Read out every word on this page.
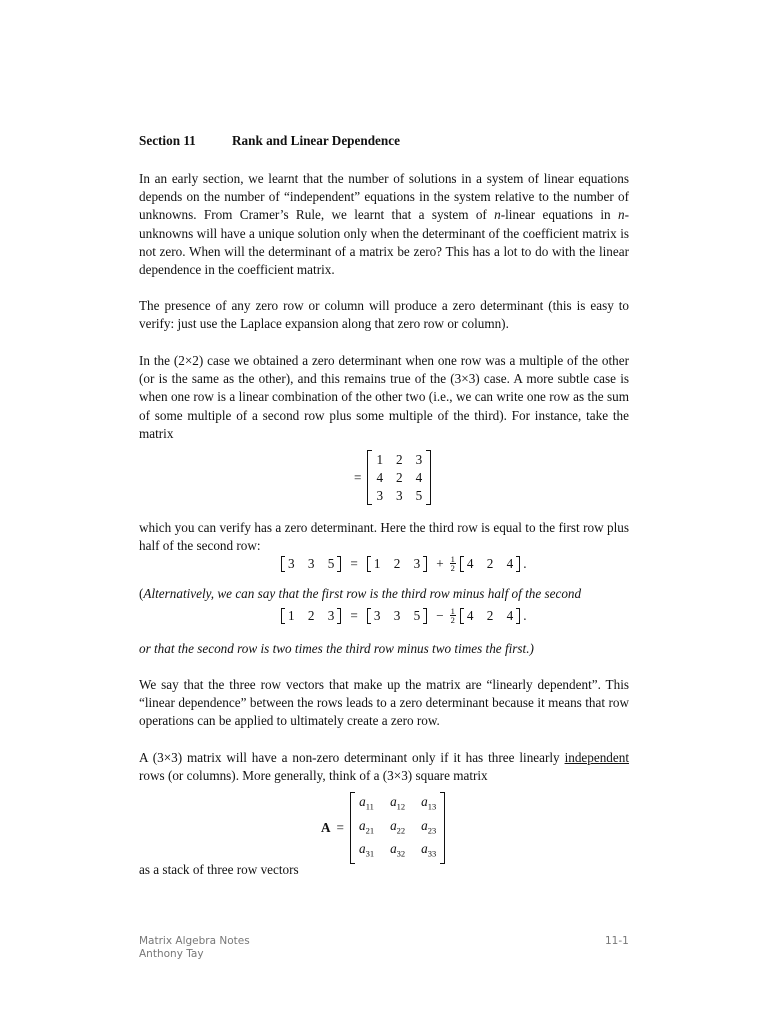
Section 11	Rank and Linear Dependence
In an early section, we learnt that the number of solutions in a system of linear equations depends on the number of “independent” equations in the system relative to the number of unknowns. From Cramer’s Rule, we learnt that a system of n-linear equations in n-unknowns will have a unique solution only when the determinant of the coefficient matrix is not zero. When will the determinant of a matrix be zero? This has a lot to do with the linear dependence in the coefficient matrix.
The presence of any zero row or column will produce a zero determinant (this is easy to verify: just use the Laplace expansion along that zero row or column).
In the (2×2) case we obtained a zero determinant when one row was a multiple of the other (or is the same as the other), and this remains true of the (3×3) case. A more subtle case is when one row is a linear combination of the other two (i.e., we can write one row as the sum of some multiple of a second row plus some multiple of the third). For instance, take the matrix
=
1 2 3
4 2 4
3 3 5
which you can verify has a zero determinant. Here the third row is equal to the first row plus half of the second row:
3 3 5 = 1 2 $3 + \frac{1}{2} 4$ 2 4 .
(Alternatively, we can say that the first row is the third row minus half of the second
1 2 3 = 3 3 $5 - \frac{1}{2} 4$ 2 4 .
or that the second row is two times the third row minus two times the first.)
We say that the three row vectors that make up the matrix are “linearly dependent”. This “linear dependence” between the rows leads to a zero determinant because it means that row operations can be applied to ultimately create a zero row.
A (3×3) matrix will have a non-zero determinant only if it has three linearly independent rows (or columns). More generally, think of a (3×3) square matrix
A =
$a_{11}$ $a_{12}$ $a_{13}$
$a_{21}$ $a_{22}$ $a_{23}$
$a_{31}$ $a_{32}$ $a_{33}$
as a stack of three row vectors
Matrix Algebra Notes
Anthony Tay
11-1
